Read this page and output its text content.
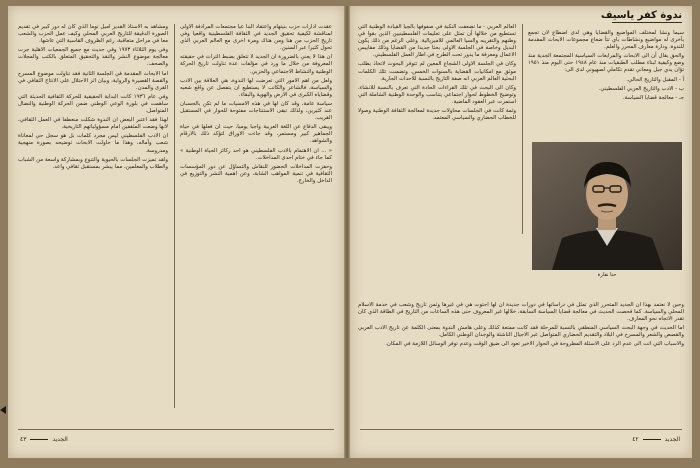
عقدت ادارات حزب بنيتهام واعتقاد البنا عيا مجتمعات المرادفة الاولى لمناقشة لكيفية تحقيق الجديد في الثقافة الفلسطينية واقعيا وفي تاريخ الحزب من هنا ومن هناك ومرة اخرى مع العالم العربي الذي تحول كثيرا عبر السنين.

ان هذا لا يعني بالضرورة ان الجديد لا تتعلق بضبط التراث في حقيقته المعروفة من خلال ما ورد في مؤلفات عدة تناولت تاريخ الحركة الوطنية والنشاط الاجتماعي والحزبي.

ولعل من اهم الامور التي تعرضت لها الندوة، هي العلاقة بين الادب والسياسة، فالشاعر والكاتب لا يستطيع ان ينفصل عن واقع شعبه وقضاياه الكبرى في الارض والهوية والبقاء.

سياسة عامة، وقد كان لها في هذه الامسيات ما لم تكن بالحسبان عند كثيرين، ولذلك تبقى الاستنتاجات مفتوحة للحوار في المستقبل القريب.

ويبقى الدفاع عن اللغة العربية واجبا يوميا، حيث ان فعلها في حياة الجماهير كبير ومستمر، وقد جاءت الاوراق لتؤكد ذلك بالارقام والشواهد.

« ... ان الاهتمام بالادب الفلسطيني هو احد ركائز الحياة الوطنية » كما جاء في ختام احدى المداخلات.

وحفزت المداخلات الحضور للنقاش والتساؤل عن دور المؤسسات الثقافية في تنمية المواهب الشابة، وعن اهمية النشر والتوزيع في الداخل والخارج.

ومشاهد به الاستاذ القدير أميل توما الذي كان له دور كبير في تقديم الصورة الدقيقة للتاريخ العربي المحلي وكيف عمل الحزب والشعب معا في مراحل متعاقبة، رغم الظروف القاسية التي عاشها.

وفي يوم الثلاثاء ١٩٧٣ وفي حديث مع جميع الجمعيات الاهلية جرت معالجة موضوع النشر والنقد والتحقيق المتعلق بالكتب والمجلات والصحف.

اما الابحاث المقدمة في الجلسة الثانية فقد تناولت موضوع المسرح والقصة القصيرة والرواية، وبيان اثر الاحتلال على الانتاج الثقافي في القرى والمدن.

وفي عام ١٩٣٦ كانت البداية الحقيقية للحركة الثقافية الحديثة التي ساهمت في بلورة الوعي الوطني ضمن الحركة الوطنية والنضال المتواصل.

لهذا فقد اعتبر البعض ان الندوة شكلت منعطفا في العمل الثقافي، لانها وضعت المثقفين امام مسؤولياتهم التاريخية.

ان الادب الفلسطيني ليس مجرد كلمات بل هو سجل حي لمعاناة شعب وآماله، وهذا ما حاولت الابحاث توضيحه بصورة منهجية ومدروسة.

ولقد تميزت الجلسات بالحيوية والتنوع وبمشاركة واسعة من الشباب والطلاب والمعلمين، مما يبشر بمستقبل ثقافي واعد.

الجديد
٤٣
ندوة كفر ياسيف

سيما ونشأ لمختلف المواضيع والقضايا وهي لدى اضطاع لان تجمع بأخرى له مواضيع ونشاطات باي تتأ ضعاع مجموعات الابحاث المقدمة للندوة. ودارة معارف المحرر والعلم.

والحق يقال أن الى الابحاث والمرابعات السياسية المجتمعة الجدية منذ وضع وكيفية لبناء مطلب الطبقيات منذ عام ١٩٤٨ حتى اليوم منذ ١٩٥١ تؤان يدي جيل ومعاني تقدم تكاملي لصهيوني لدى الى:

أ - المقبل والتاريخ الحالي.

ب - الادب والتاريخ العربي الفلسطيني.

جـ - معالجة قضايا السياسة.

حنا نقارة

العالم العربي - ما تضعفت النكبة في صفوفها بالجيا القيادة الوطنية التي تستطيع من خلالها أن تمثل على تعليمات الفلسطينيين الذين بقوا في وطنهم والتقريبه والسيا العالمي للامبريالية. وعلى الرغم من ذلك يكون البديل وخاصة في الجلسة الاولى بحثا جديدا من القضايا وذلك مقاييس الاعمال ومعرفة ما يدور تحت الطرح في اطار العمل الفلسطيني.

وكان في الجلسة الاولى الشجاع المعين لم تتوفر البحوث لاتخاذ بطلب موثق مع امكانيات القضاية بالسنوات الخمس. وتضمنت تلك الكلمات البحثية العالم العربي انه صفة التاريخ بالنسبة للاحداث الجارية.

وكان الى البحث في تلك القراءات الحادة التي تعرف بالنسبة للانشاء، وتوضيح الخطوط لحوار اجتماعي يتناسب والوحدة الوطنية الشاملة التي استمرت عبر العقود الماضية.

وثمة كانت في الجلسات محاولات جديدة لمعالجة الثقافة الوطنية وصولا للخطاب الحضاري والسياسي المعتمد.

وحين لا نعتمد بهذا ان الجديد المتحرر الذي تمثل في دراساتها في دورات جديدة ان لها احتوت هي في غيرها وثمن تاريخ وشعب في خدمة الاسلام المحلي والسياسة. كما فحصت الحديث في معالجة قضايا السياسة السابقة، خلالها غير المعروف حتى هذه الساعات من التاريخ في الطاقة الذي كان تقدر الاتجاه نحو المعارف.

اما الحديث في وجهة البحث السياسي المنطقي بالنسبة للمرحلة فقد كانت ممتعة كذلك وعلى هامش الندوة بمعنى الكلمة عن تاريخ الادب العربي والقصص والشعر والمسرح في البلاد والتقديم الحضاري المتواصل عبر الاجيال الناشئة والوجدان الوطني الكامل.

والاسباب التي اتت الى عدم الرد على الاسئلة المطروحة في الحوار الاخير تعود الى ضيق الوقت وعدم توفر الوسائل اللازمة في المكان.

الجديد
٤٢
